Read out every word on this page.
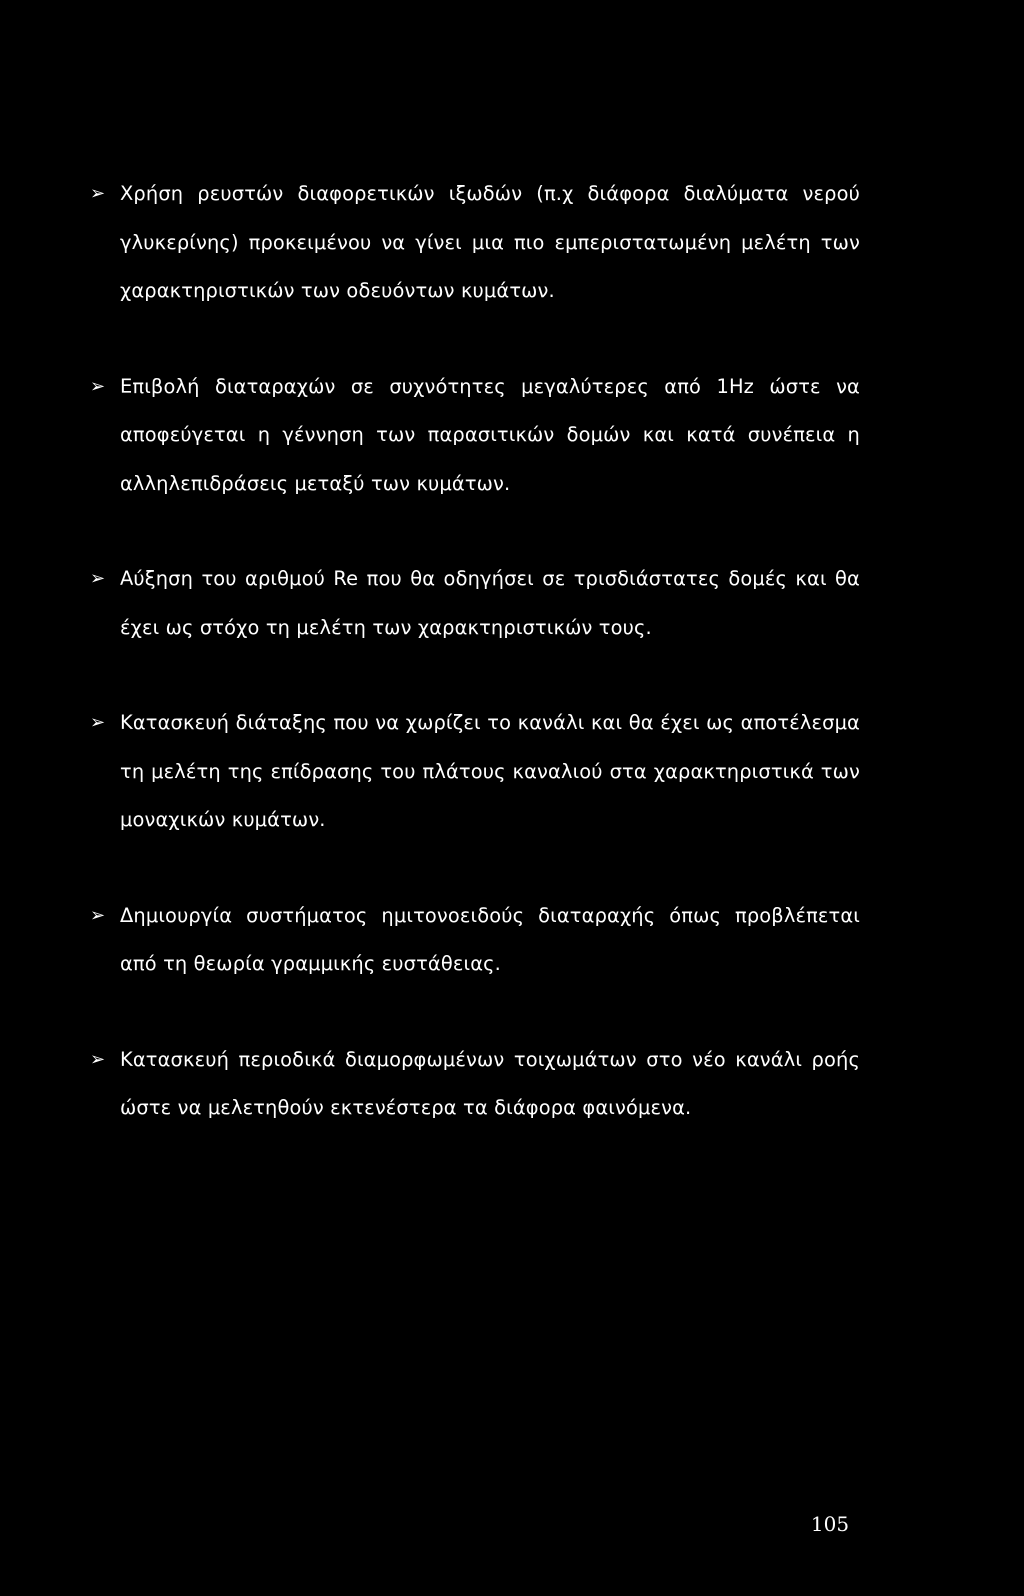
➢ Χρήση ρευστών διαφορετικών ιξωδών (π.χ διάφορα διαλύματα νερού γλυκερίνης) προκειμένου να γίνει μια πιο εμπεριστατωμένη μελέτη των χαρακτηριστικών των οδευόντων κυμάτων.
➢ Επιβολή διαταραχών σε συχνότητες μεγαλύτερες από 1Hz ώστε να αποφεύγεται η γέννηση των παρασιτικών δομών και κατά συνέπεια η αλληλεπιδράσεις μεταξύ των κυμάτων.
➢ Αύξηση του αριθμού Re που θα οδηγήσει σε τρισδιάστατες δομές και θα έχει ως στόχο τη μελέτη των χαρακτηριστικών τους.
➢ Κατασκευή διάταξης που να χωρίζει το κανάλι και θα έχει ως αποτέλεσμα τη μελέτη της επίδρασης του πλάτους καναλιού στα χαρακτηριστικά των μοναχικών κυμάτων.
➢ Δημιουργία συστήματος ημιτονοειδούς διαταραχής όπως προβλέπεται από τη θεωρία γραμμικής ευστάθειας.
➢ Κατασκευή περιοδικά διαμορφωμένων τοιχωμάτων στο νέο κανάλι ροής ώστε να μελετηθούν εκτενέστερα τα διάφορα φαινόμενα.
105
